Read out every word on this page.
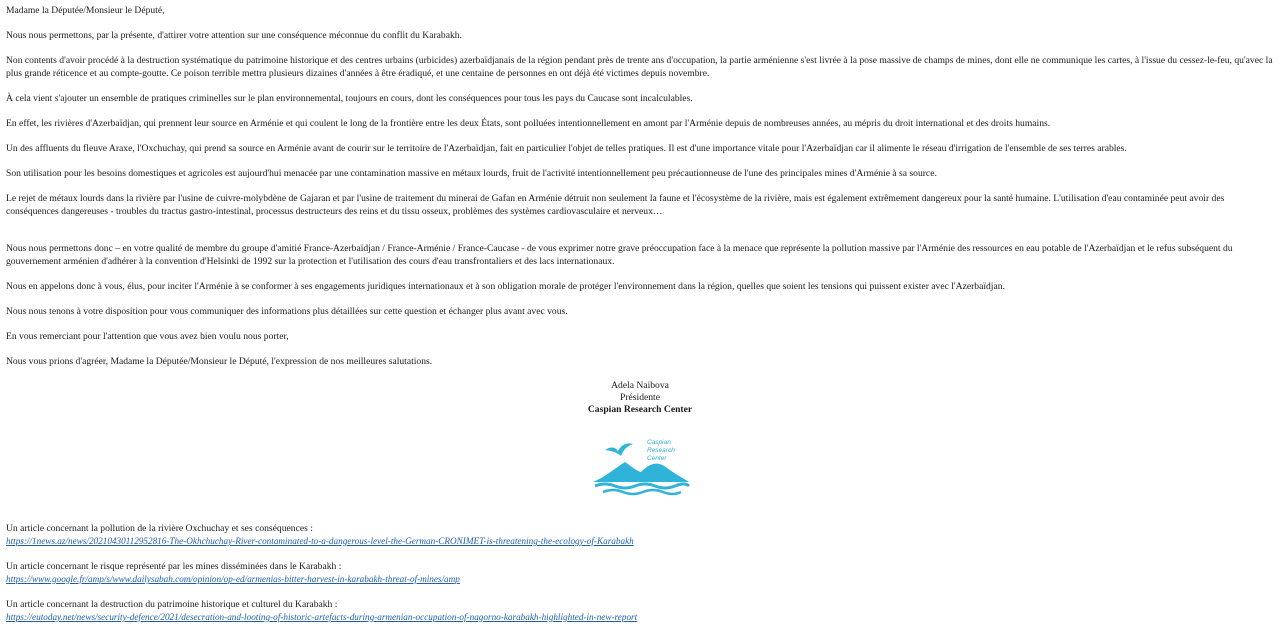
Madame la Députée/Monsieur le Député,

Nous nous permettons, par la présente, d'attirer votre attention sur une conséquence méconnue du conflit du Karabakh.

Non contents d'avoir procédé à la destruction systématique du patrimoine historique et des centres urbains (urbicides) azerbaïdjanais de la région pendant près de trente ans d'occupation, la partie arménienne s'est livrée à la pose massive de champs de mines, dont elle ne communique les cartes, à l'issue du cessez-le-feu, qu'avec la plus grande réticence et au compte-goutte. Ce poison terrible mettra plusieurs dizaines d'années à être éradiqué, et une centaine de personnes en ont déjà été victimes depuis novembre.

À cela vient s'ajouter un ensemble de pratiques criminelles sur le plan environnemental, toujours en cours, dont les conséquences pour tous les pays du Caucase sont incalculables.

En effet, les rivières d'Azerbaïdjan, qui prennent leur source en Arménie et qui coulent le long de la frontière entre les deux États, sont polluées intentionnellement en amont par l'Arménie depuis de nombreuses années, au mépris du droit international et des droits humains.

Un des affluents du fleuve Araxe, l'Oxchuchay, qui prend sa source en Arménie avant de courir sur le territoire de l'Azerbaïdjan, fait en particulier l'objet de telles pratiques. Il est d'une importance vitale pour l'Azerbaïdjan car il alimente le réseau d'irrigation de l'ensemble de ses terres arables.

Son utilisation pour les besoins domestiques et agricoles est aujourd'hui menacée par une contamination massive en métaux lourds, fruit de l'activité intentionnellement peu précautionneuse de l'une des principales mines d'Arménie à sa source.

Le rejet de métaux lourds dans la rivière par l'usine de cuivre-molybdène de Gajaran et par l'usine de traitement du minerai de Gafan en Arménie détruit non seulement la faune et l'écosystème de la rivière, mais est également extrêmement dangereux pour la santé humaine. L'utilisation d'eau contaminée peut avoir des conséquences dangereuses - troubles du tractus gastro-intestinal, processus destructeurs des reins et du tissu osseux, problèmes des systèmes cardiovasculaire et nerveux…

Nous nous permettons donc – en votre qualité de membre du groupe d'amitié France-Azerbaïdjan / France-Arménie / France-Caucase - de vous exprimer notre grave préoccupation face à la menace que représente la pollution massive par l'Arménie des ressources en eau potable de l'Azerbaïdjan et le refus subséquent du gouvernement arménien d'adhérer à la convention d'Helsinki de 1992 sur la protection et l'utilisation des cours d'eau transfrontaliers et des lacs internationaux.

Nous en appelons donc à vous, élus, pour inciter l'Arménie à se conformer à ses engagements juridiques internationaux et à son obligation morale de protéger l'environnement dans la région, quelles que soient les tensions qui puissent exister avec l'Azerbaïdjan.

Nous nous tenons à votre disposition pour vous communiquer des informations plus détaillées sur cette question et échanger plus avant avec vous.

En vous remerciant pour l'attention que vous avez bien voulu nous porter,

Nous vous prions d'agréer, Madame la Députée/Monsieur le Député, l'expression de nos meilleures salutations.

Adela Naibova
Présidente
Caspian Research Center
Caspian
Research
Center
Un article concernant la pollution de la rivière Oxchuchay et ses conséquences :
https://1news.az/news/20210430112952816-The-Okhchuchay-River-contaminated-to-a-dangerous-level-the-German-CRONIMET-is-threatening-the-ecology-of-Karabakh
Un article concernant le risque représenté par les mines disséminées dans le Karabakh :
https://www.google.fr/amp/s/www.dailysabah.com/opinion/op-ed/armenias-bitter-harvest-in-karabakh-threat-of-mines/amp
Un article concernant la destruction du patrimoine historique et culturel du Karabakh :
https://eutoday.net/news/security-defence/2021/desecration-and-looting-of-historic-artefacts-during-armenian-occupation-of-nagorno-karabakh-highlighted-in-new-report
